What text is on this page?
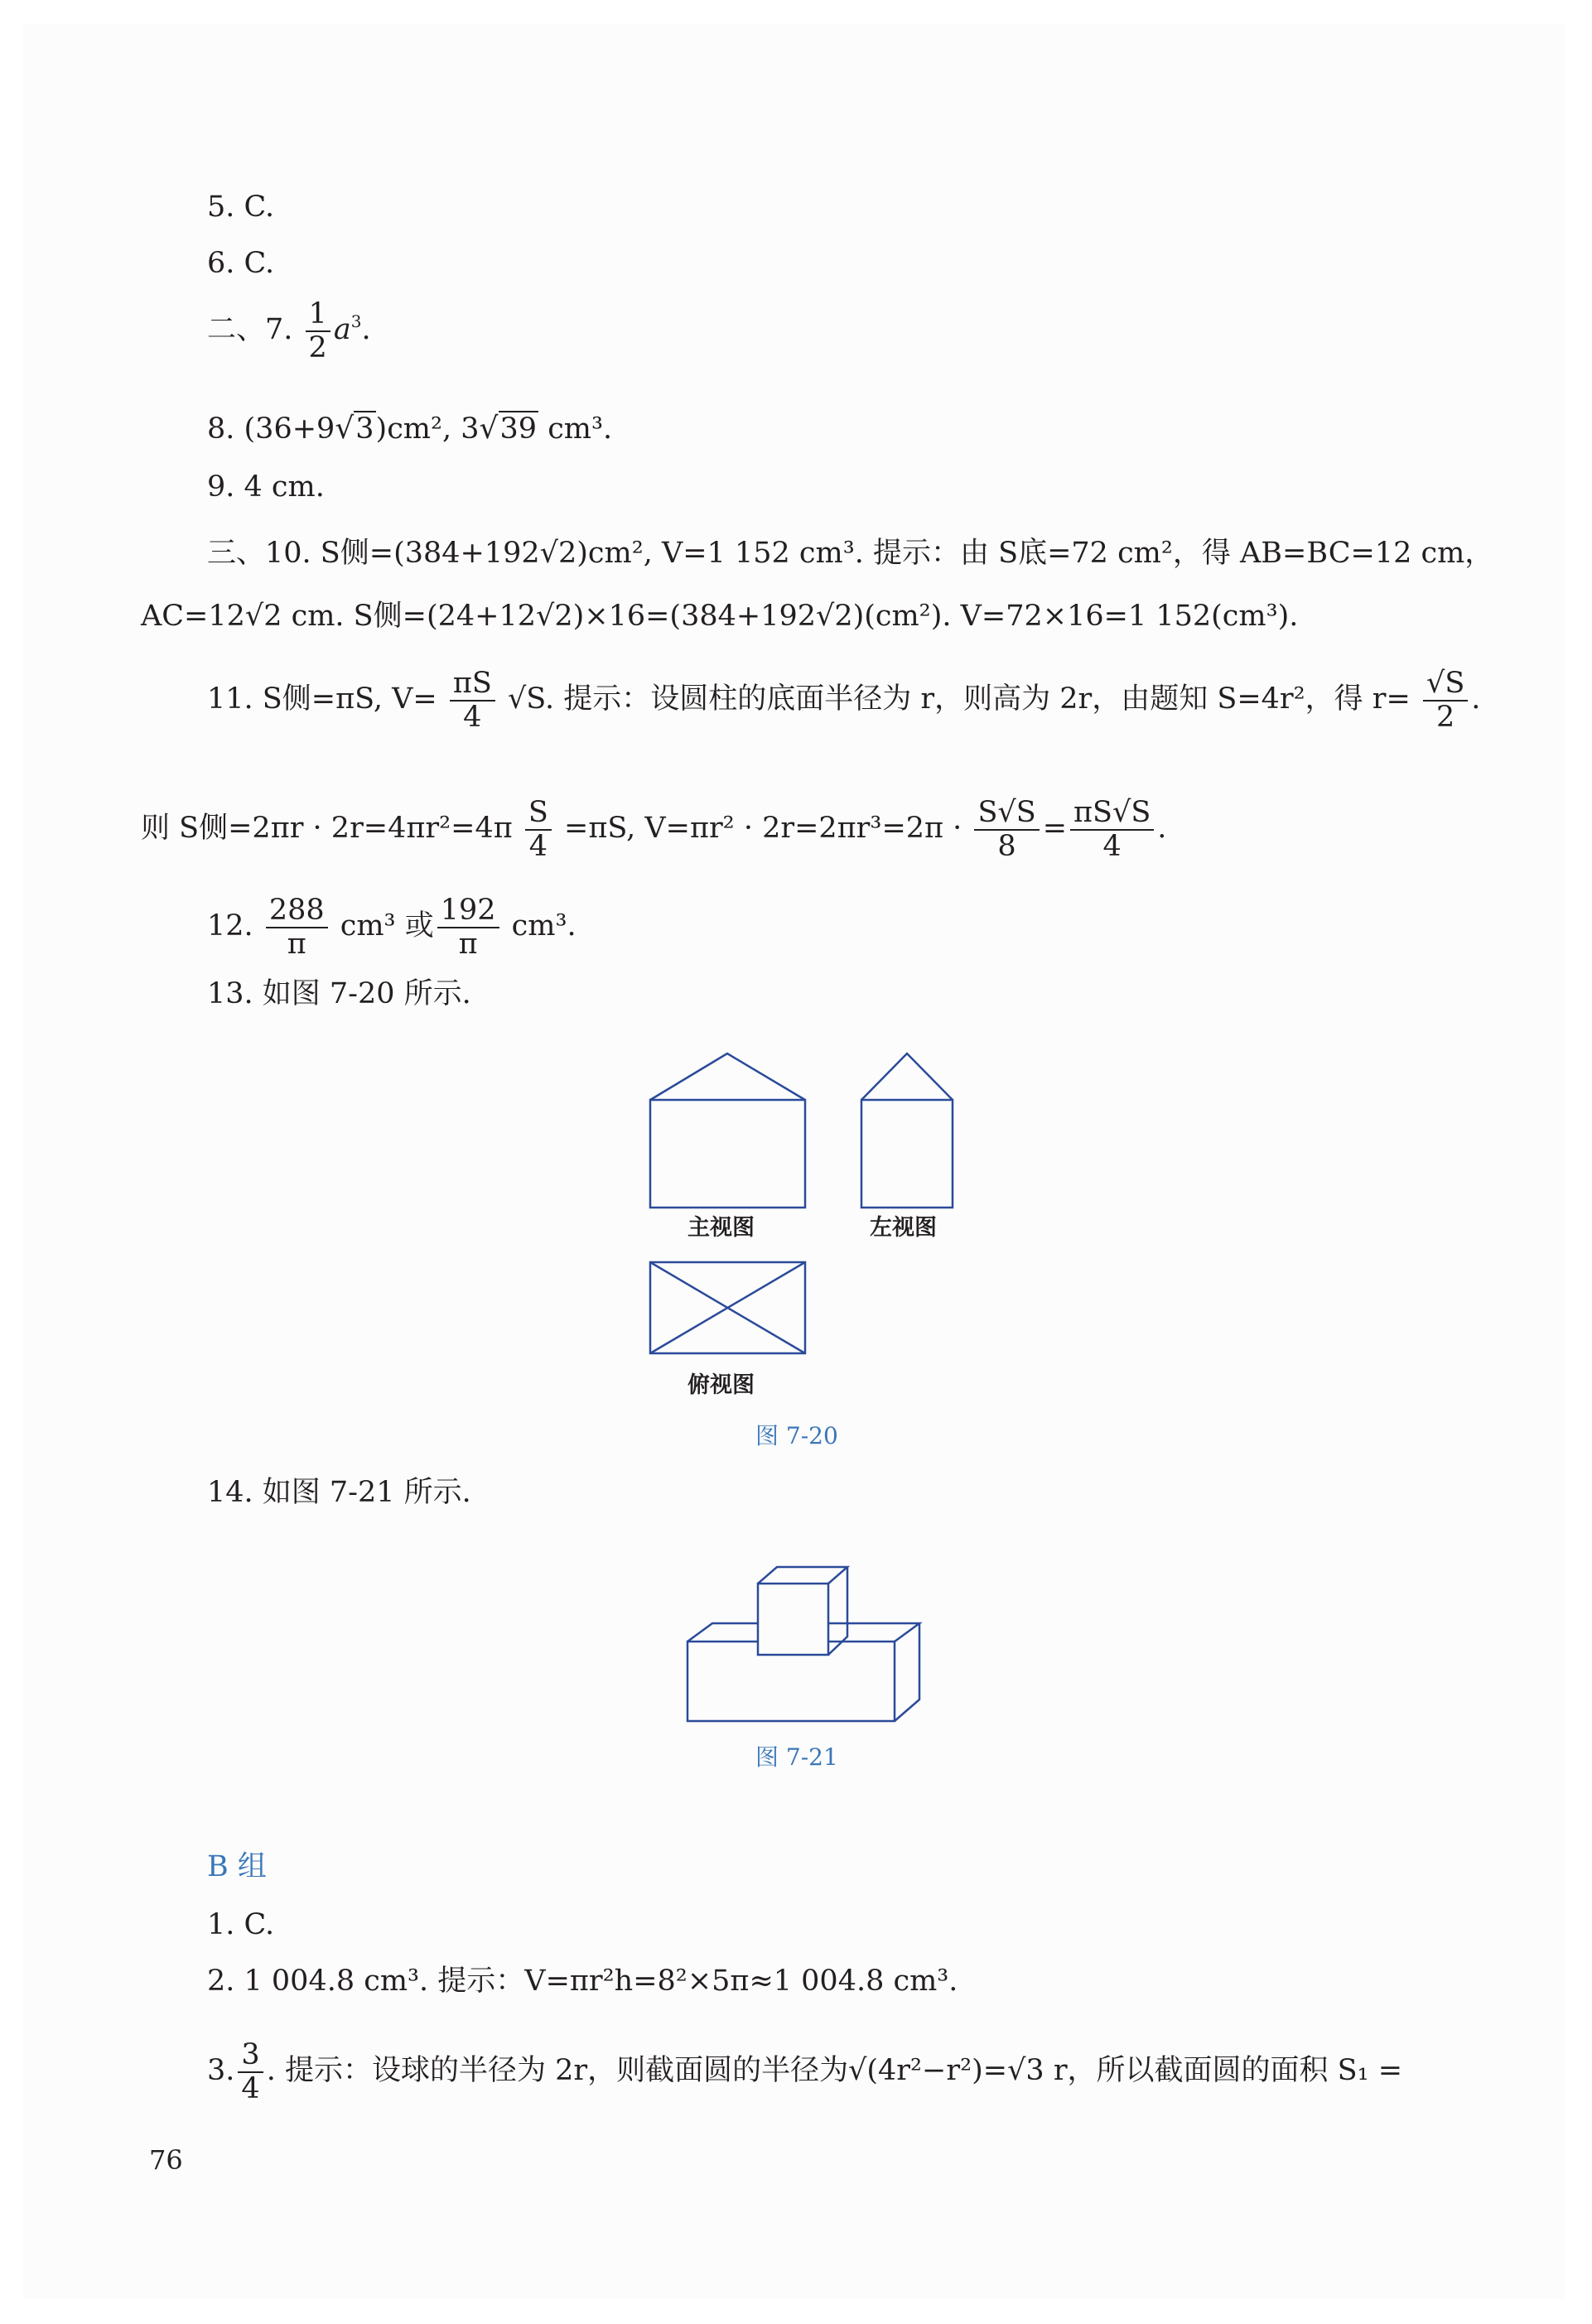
5. C.
6. C.
二、7. $\frac{1}{2} a^3$.
8. (36+9√3)cm², 3√39 cm³.
9. 4 cm.
三、10. S侧=(384+192√2)cm², V=1 152 cm³. 提示：由 S底=72 cm²，得 AB=BC=12 cm，
AC=12√2 cm. S侧=(24+12√2)×16=(384+192√2)(cm²). V=72×16=1 152(cm³).
11. S侧=πS, $V= \frac{\pi S}{4} √S$. 提示：设圆柱的底面半径为 r，则高为 2r，由题知 S=4r²，得 $r= \frac{√S}{2}$ .
则 S侧$=2\pi r \cdot 2r=4\pi r^2=4\pi \frac{S}{4} =\pi S$, $V=\pi r^2 \cdot 2r=2\pi r^3=2\pi \cdot \frac{S√S}{8} = \frac{\pi S√S}{4}$ .
12. $\frac{288}{\pi} cm^3$ 或 $\frac{192}{\pi} cm^3$.
13. 如图 7-20 所示.
主视图	左视图
俯视图
图 7-20
14. 如图 7-21 所示.
图 7-21
B 组
1. C.
2. 1 004.8 cm³. 提示：V=πr²h=8²×5π≈1 004.8 cm³.
3. $\frac{3}{4}$ . 提示：设球的半径为 2r，则截面圆的半径为√(4r²−r²)=√3 r，所以截面圆的面积 S₁ =
76
